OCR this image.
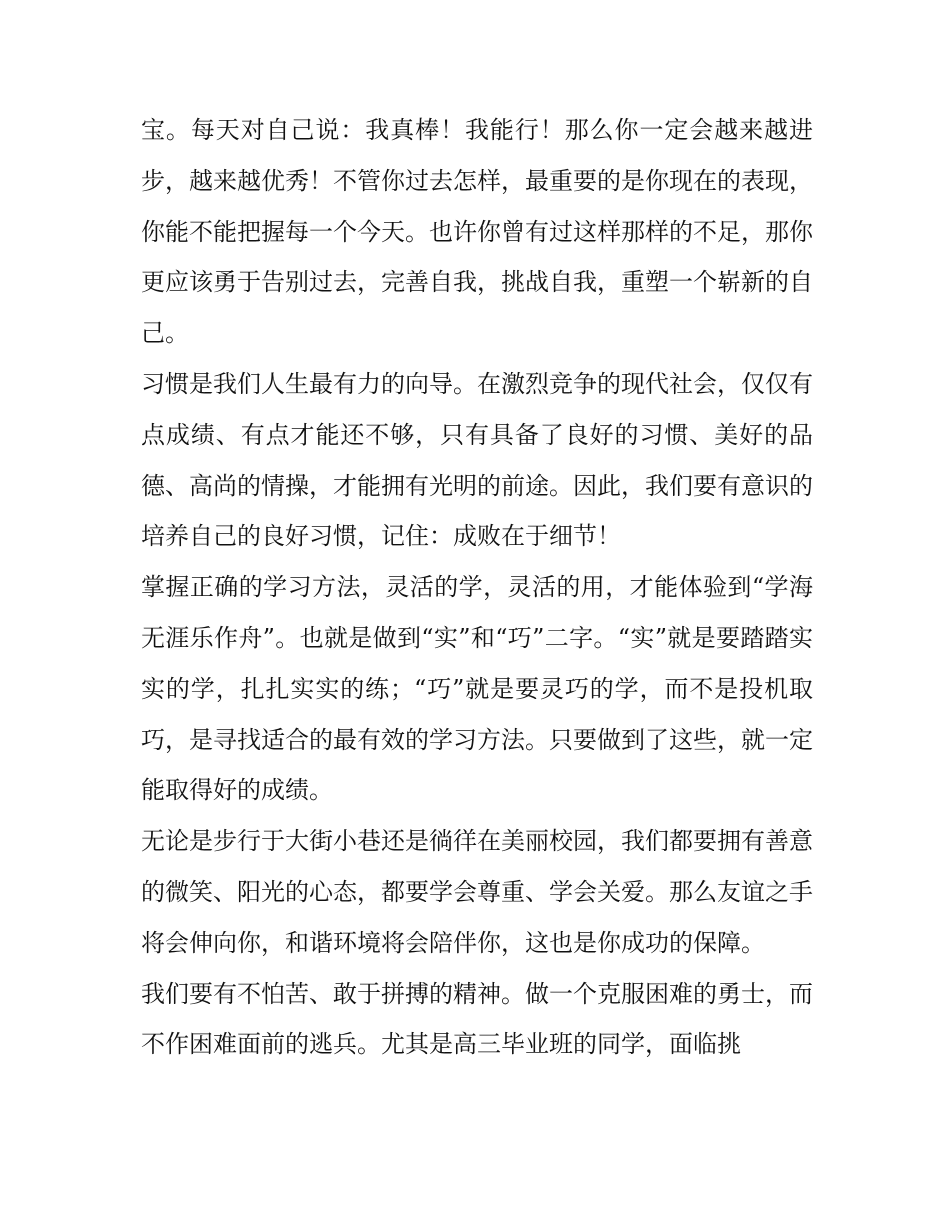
宝。每天对自己说：我真棒！我能行！那么你一定会越来越进步，越来越优秀！不管你过去怎样，最重要的是你现在的表现，你能不能把握每一个今天。也许你曾有过这样那样的不足，那你更应该勇于告别过去，完善自我，挑战自我，重塑一个崭新的自己。

习惯是我们人生最有力的向导。在激烈竞争的现代社会，仅仅有点成绩、有点才能还不够，只有具备了良好的习惯、美好的品德、高尚的情操，才能拥有光明的前途。因此，我们要有意识的培养自己的良好习惯，记住：成败在于细节！

掌握正确的学习方法，灵活的学，灵活的用，才能体验到“学海无涯乐作舟”。也就是做到“实”和“巧”二字。“实”就是要踏踏实实的学，扎扎实实的练；“巧”就是要灵巧的学，而不是投机取巧，是寻找适合的最有效的学习方法。只要做到了这些，就一定能取得好的成绩。

无论是步行于大街小巷还是徜徉在美丽校园，我们都要拥有善意的微笑、阳光的心态，都要学会尊重、学会关爱。那么友谊之手将会伸向你，和谐环境将会陪伴你，这也是你成功的保障。

我们要有不怕苦、敢于拼搏的精神。做一个克服困难的勇士，而不作困难面前的逃兵。尤其是高三毕业班的同学，面临挑
